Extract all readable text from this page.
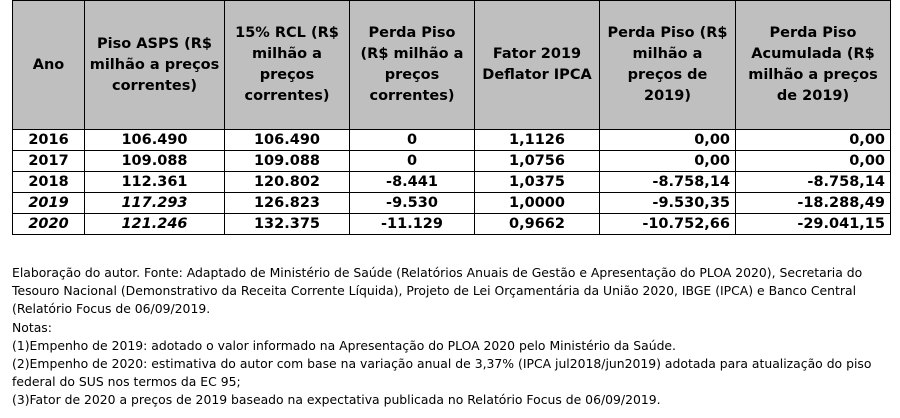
Ano	Piso ASPS (R$ milhão a preços correntes)	15% RCL (R$ milhão a preços correntes)	Perda Piso (R$ milhão a preços correntes)	Fator 2019 Deflator IPCA	Perda Piso (R$ milhão a preços de 2019)	Perda Piso Acumulada (R$ milhão a preços de 2019)
2016	106.490	106.490	0	1,1126	0,00	0,00
2017	109.088	109.088	0	1,0756	0,00	0,00
2018	112.361	120.802	-8.441	1,0375	-8.758,14	-8.758,14
2019	117.293	126.823	-9.530	1,0000	-9.530,35	-18.288,49
2020	121.246	132.375	-11.129	0,9662	-10.752,66	-29.041,15

Elaboração do autor. Fonte: Adaptado de Ministério de Saúde (Relatórios Anuais de Gestão e Apresentação do PLOA 2020), Secretaria do Tesouro Nacional (Demonstrativo da Receita Corrente Líquida), Projeto de Lei Orçamentária da União 2020, IBGE (IPCA) e Banco Central (Relatório Focus de 06/09/2019.

Notas:

(1)Empenho de 2019: adotado o valor informado na Apresentação do PLOA 2020 pelo Ministério da Saúde.

(2)Empenho de 2020: estimativa do autor com base na variação anual de 3,37% (IPCA jul2018/jun2019) adotada para atualização do piso federal do SUS nos termos da EC 95;

(3)Fator de 2020 a preços de 2019 baseado na expectativa publicada no Relatório Focus de 06/09/2019.
